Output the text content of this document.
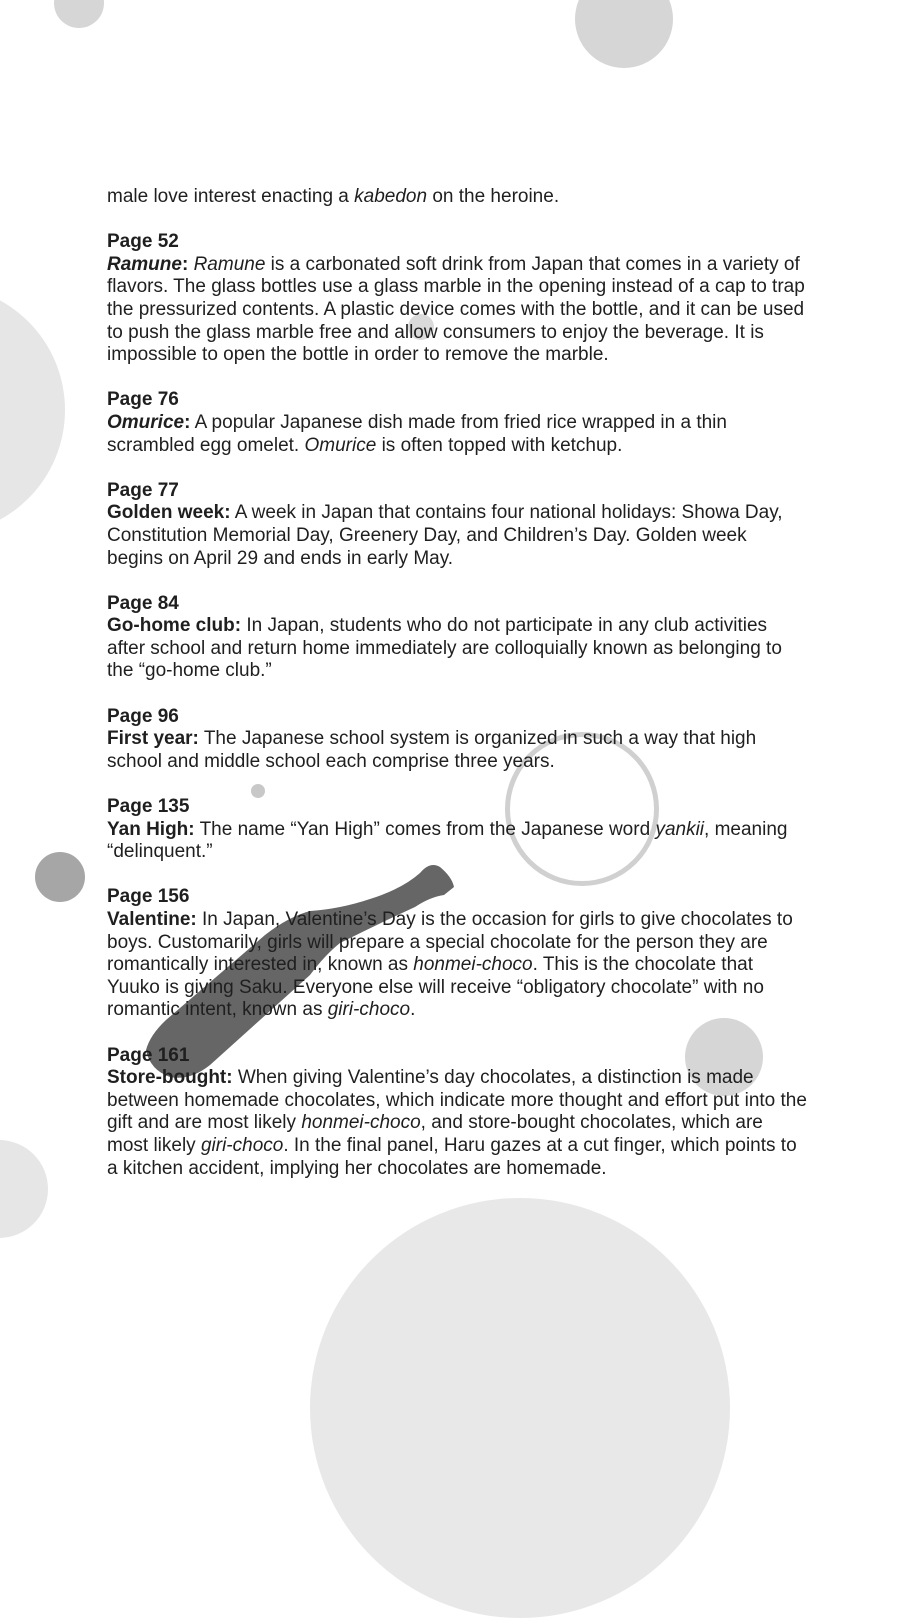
male love interest enacting a kabedon on the heroine.

Page 52

Ramune: Ramune is a carbonated soft drink from Japan that comes in a variety of flavors. The glass bottles use a glass marble in the opening instead of a cap to trap the pressurized contents. A plastic device comes with the bottle, and it can be used to push the glass marble free and allow consumers to enjoy the beverage. It is impossible to open the bottle in order to remove the marble.

Page 76

Omurice: A popular Japanese dish made from fried rice wrapped in a thin scrambled egg omelet. Omurice is often topped with ketchup.

Page 77

Golden week: A week in Japan that contains four national holidays: Showa Day, Constitution Memorial Day, Greenery Day, and Children’s Day. Golden week begins on April 29 and ends in early May.

Page 84

Go-home club: In Japan, students who do not participate in any club activities after school and return home immediately are colloquially known as belonging to the “go-home club.”

Page 96

First year: The Japanese school system is organized in such a way that high school and middle school each comprise three years.

Page 135

Yan High: The name “Yan High” comes from the Japanese word yankii, meaning “delinquent.”

Page 156

Valentine: In Japan, Valentine’s Day is the occasion for girls to give chocolates to boys. Customarily, girls will prepare a special chocolate for the person they are romantically interested in, known as honmei-choco. This is the chocolate that Yuuko is giving Saku. Everyone else will receive “obligatory chocolate” with no romantic intent, known as giri-choco.

Page 161

Store-bought: When giving Valentine’s day chocolates, a distinction is made between homemade chocolates, which indicate more thought and effort put into the gift and are most likely honmei-choco, and store-bought chocolates, which are most likely giri-choco. In the final panel, Haru gazes at a cut finger, which points to a kitchen accident, implying her chocolates are homemade.
